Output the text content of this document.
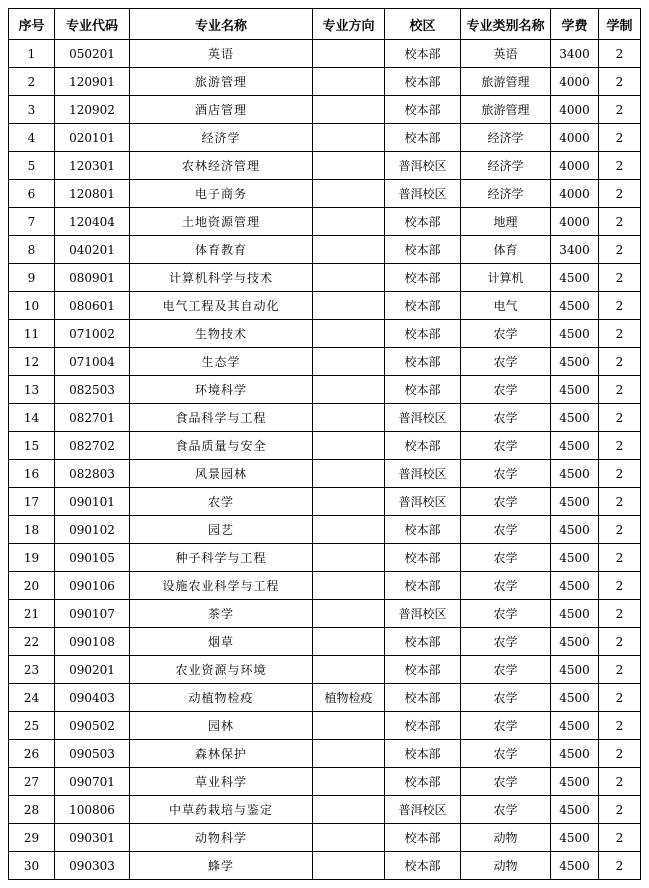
序号	专业代码	专业名称	专业方向	校区	专业类别名称	学费	学制
1	050201	英语		校本部	英语	3400	2
2	120901	旅游管理		校本部	旅游管理	4000	2
3	120902	酒店管理		校本部	旅游管理	4000	2
4	020101	经济学		校本部	经济学	4000	2
5	120301	农林经济管理		普洱校区	经济学	4000	2
6	120801	电子商务		普洱校区	经济学	4000	2
7	120404	土地资源管理		校本部	地理	4000	2
8	040201	体育教育		校本部	体育	3400	2
9	080901	计算机科学与技术		校本部	计算机	4500	2
10	080601	电气工程及其自动化		校本部	电气	4500	2
11	071002	生物技术		校本部	农学	4500	2
12	071004	生态学		校本部	农学	4500	2
13	082503	环境科学		校本部	农学	4500	2
14	082701	食品科学与工程		普洱校区	农学	4500	2
15	082702	食品质量与安全		校本部	农学	4500	2
16	082803	风景园林		普洱校区	农学	4500	2
17	090101	农学		普洱校区	农学	4500	2
18	090102	园艺		校本部	农学	4500	2
19	090105	种子科学与工程		校本部	农学	4500	2
20	090106	设施农业科学与工程		校本部	农学	4500	2
21	090107	茶学		普洱校区	农学	4500	2
22	090108	烟草		校本部	农学	4500	2
23	090201	农业资源与环境		校本部	农学	4500	2
24	090403	动植物检疫	植物检疫	校本部	农学	4500	2
25	090502	园林		校本部	农学	4500	2
26	090503	森林保护		校本部	农学	4500	2
27	090701	草业科学		校本部	农学	4500	2
28	100806	中草药栽培与鉴定		普洱校区	农学	4500	2
29	090301	动物科学		校本部	动物	4500	2
30	090303	蜂学		校本部	动物	4500	2
